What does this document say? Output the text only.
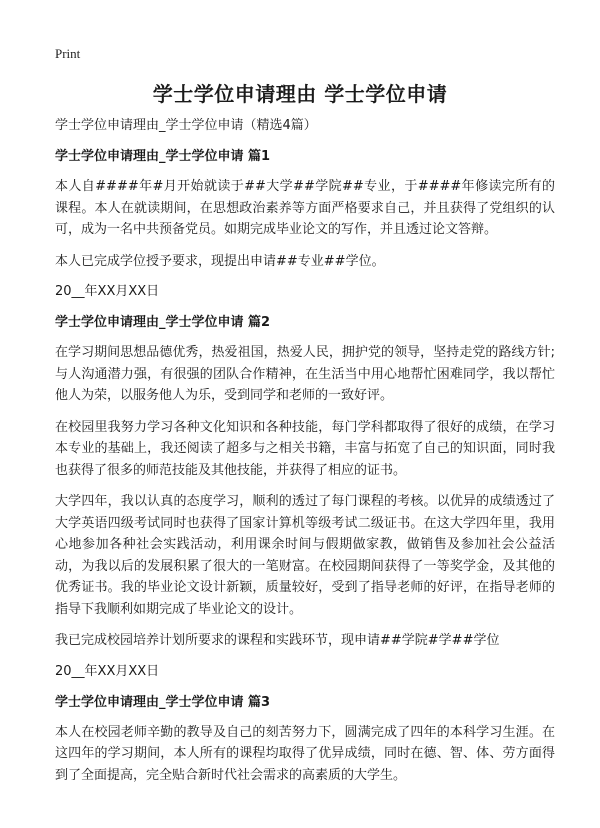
Print
学士学位申请理由 学士学位申请

学士学位申请理由_学士学位申请（精选4篇）

学士学位申请理由_学士学位申请 篇1

本人自####年#月开始就读于##大学##学院##专业，于####年修读完所有的课程。本人在就读期间，在思想政治素养等方面严格要求自己，并且获得了党组织的认可，成为一名中共预备党员。如期完成毕业论文的写作，并且透过论文答辩。

本人已完成学位授予要求，现提出申请##专业##学位。

20__年XX月XX日

学士学位申请理由_学士学位申请 篇2

在学习期间思想品德优秀，热爱祖国，热爱人民，拥护党的领导，坚持走党的路线方针;与人沟通潜力强，有很强的团队合作精神，在生活当中用心地帮忙困难同学，我以帮忙他人为荣，以服务他人为乐，受到同学和老师的一致好评。

在校园里我努力学习各种文化知识和各种技能，每门学科都取得了很好的成绩，在学习本专业的基础上，我还阅读了超多与之相关书籍，丰富与拓宽了自己的知识面，同时我也获得了很多的师范技能及其他技能，并获得了相应的证书。

大学四年，我以认真的态度学习，顺利的透过了每门课程的考核。以优异的成绩透过了大学英语四级考试同时也获得了国家计算机等级考试二级证书。在这大学四年里，我用心地参加各种社会实践活动，利用课余时间与假期做家教，做销售及参加社会公益活动，为我以后的发展积累了很大的一笔财富。在校园期间获得了一等奖学金，及其他的优秀证书。我的毕业论文设计新颖，质量较好，受到了指导老师的好评，在指导老师的指导下我顺利如期完成了毕业论文的设计。

我已完成校园培养计划所要求的课程和实践环节，现申请##学院#学##学位

20__年XX月XX日

学士学位申请理由_学士学位申请 篇3

本人在校园老师辛勤的教导及自己的刻苦努力下，圆满完成了四年的本科学习生涯。在这四年的学习期间，本人所有的课程均取得了优异成绩，同时在德、智、体、劳方面得到了全面提高，完全贴合新时代社会需求的高素质的大学生。
